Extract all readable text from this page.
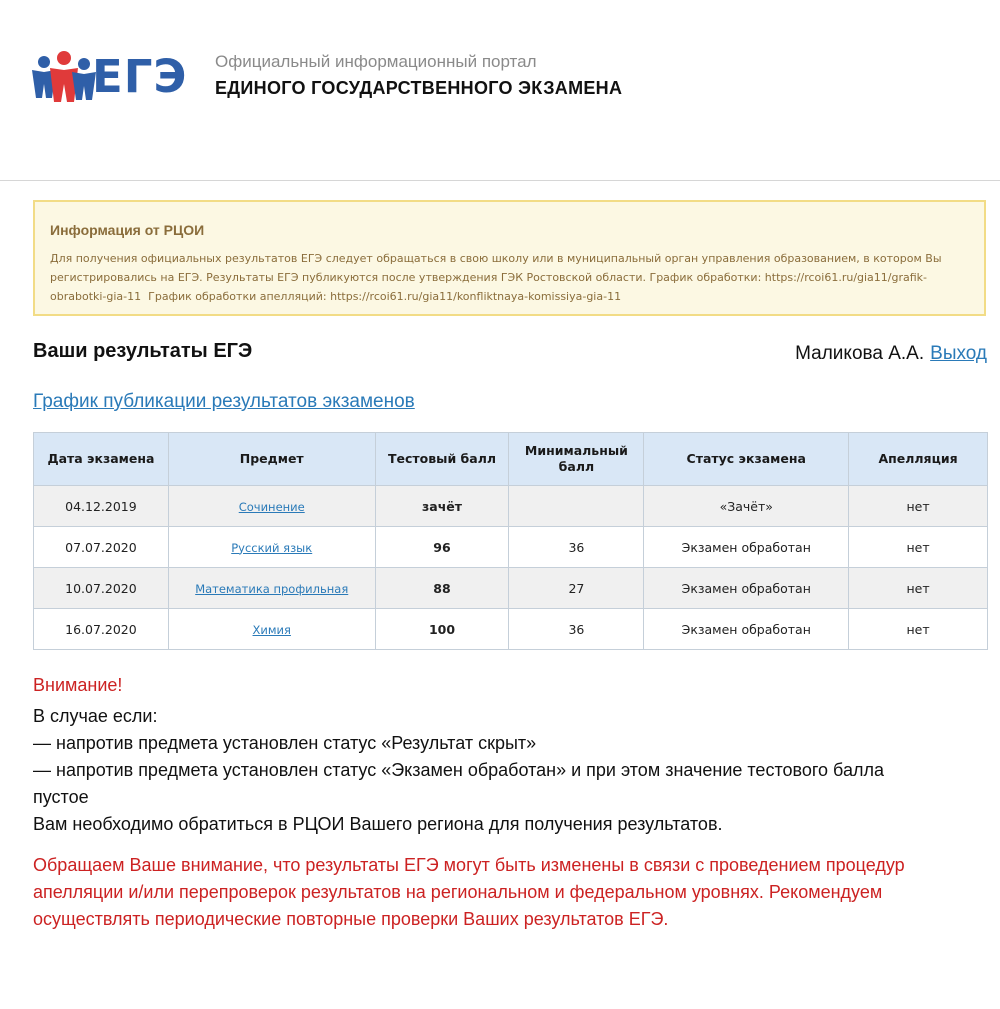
ЕГЭ Официальный информационный портал
ЕДИНОГО ГОСУДАРСТВЕННОГО ЭКЗАМЕНА
Информация от РЦОИ
Для получения официальных результатов ЕГЭ следует обращаться в свою школу или в муниципальный орган управления образованием, в котором Вы регистрировались на ЕГЭ. Результаты ЕГЭ публикуются после утверждения ГЭК Ростовской области. График обработки: https://rcoi61.ru/gia11/grafik-obrabotki-gia-11 График обработки апелляций: https://rcoi61.ru/gia11/konfliktnaya-komissiya-gia-11
Ваши результаты ЕГЭ	Маликова А.А. Выход
График публикации результатов экзаменов
Дата экзамена	Предмет	Тестовый балл	Минимальный балл	Статус экзамена	Апелляция
04.12.2019	Сочинение	зачёт		«Зачёт»	нет
07.07.2020	Русский язык	96	36	Экзамен обработан	нет
10.07.2020	Математика профильная	88	27	Экзамен обработан	нет
16.07.2020	Химия	100	36	Экзамен обработан	нет
Внимание!
В случае если:
— напротив предмета установлен статус «Результат скрыт»
— напротив предмета установлен статус «Экзамен обработан» и при этом значение тестового балла пустое
Вам необходимо обратиться в РЦОИ Вашего региона для получения результатов.
Обращаем Ваше внимание, что результаты ЕГЭ могут быть изменены в связи с проведением процедур апелляции и/или перепроверок результатов на региональном и федеральном уровнях. Рекомендуем осуществлять периодические повторные проверки Ваших результатов ЕГЭ.
